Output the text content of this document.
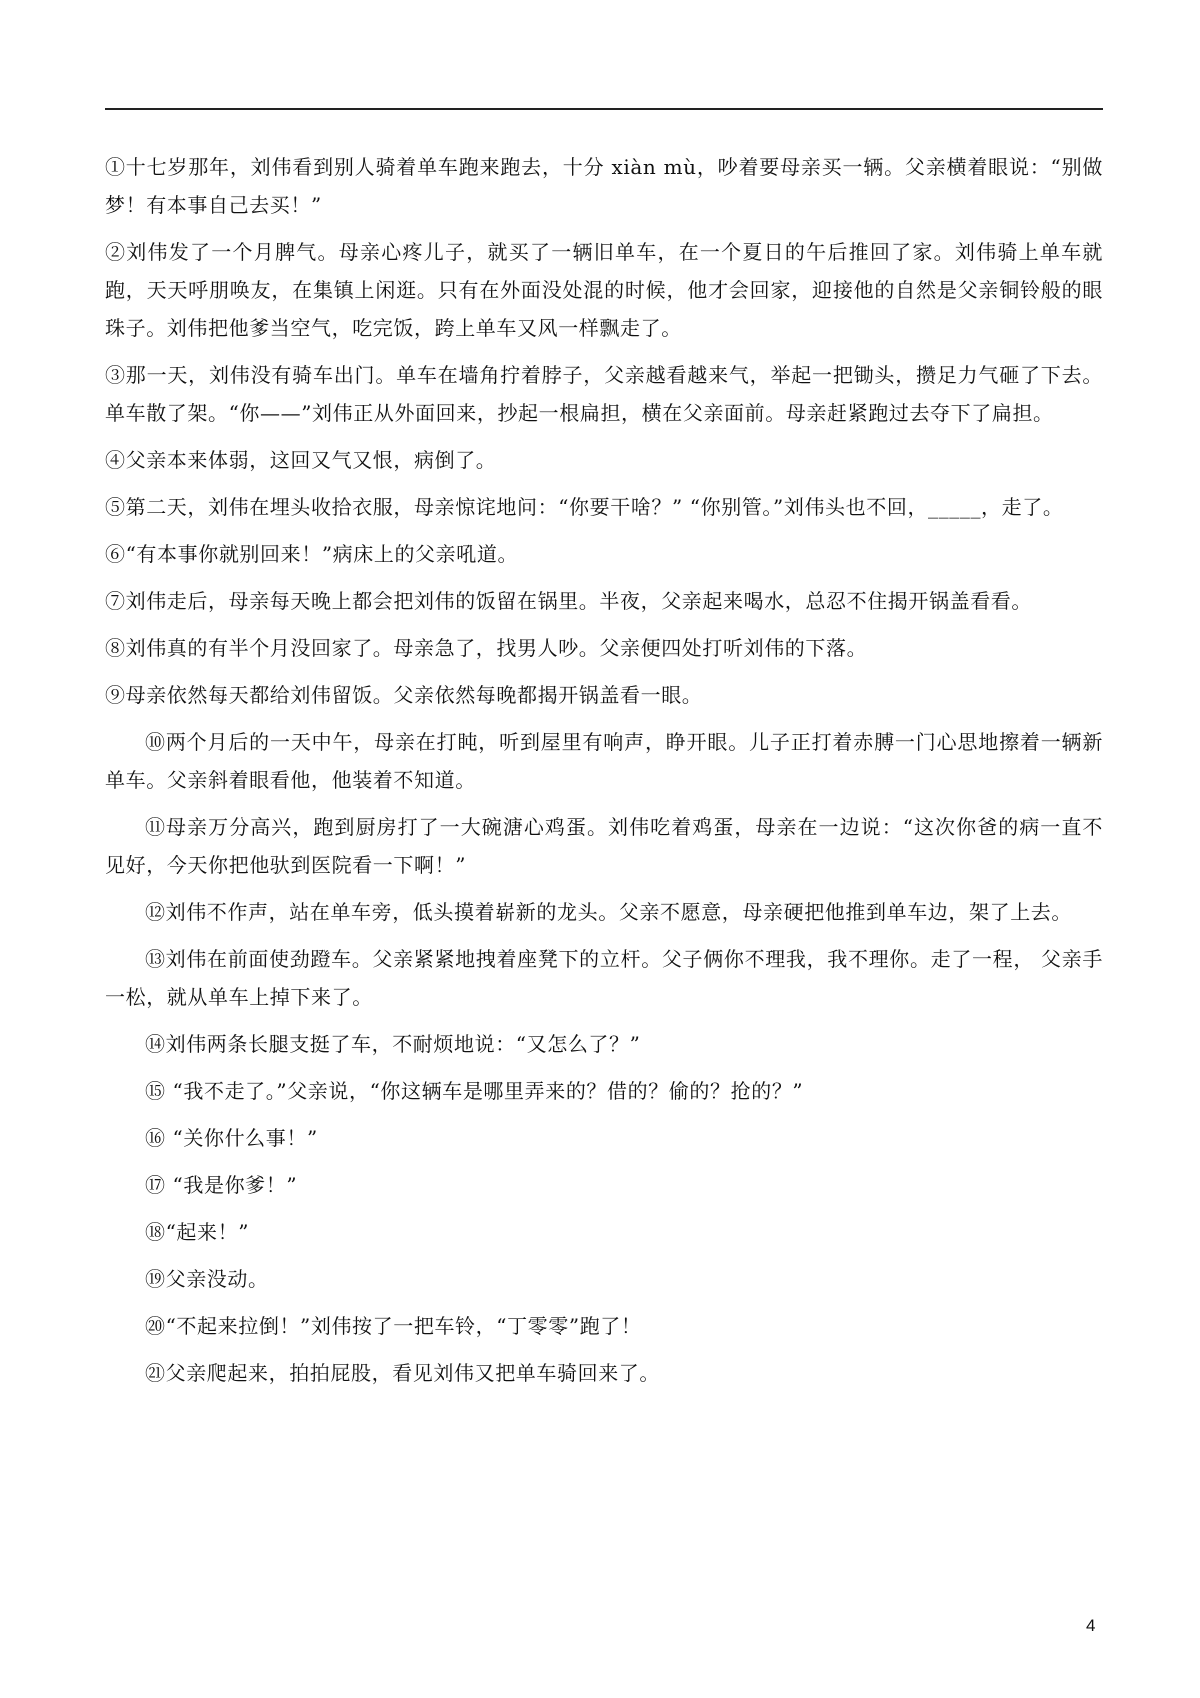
①十七岁那年，刘伟看到别人骑着单车跑来跑去，十分 xiàn mù，吵着要母亲买一辆。父亲横着眼说：“别做梦！有本事自己去买！”

②刘伟发了一个月脾气。母亲心疼儿子，就买了一辆旧单车，在一个夏日的午后推回了家。刘伟骑上单车就跑，天天呼朋唤友，在集镇上闲逛。只有在外面没处混的时候，他才会回家，迎接他的自然是父亲铜铃般的眼珠子。刘伟把他爹当空气，吃完饭，跨上单车又风一样飘走了。

③那一天，刘伟没有骑车出门。单车在墙角拧着脖子，父亲越看越来气，举起一把锄头，攒足力气砸了下去。单车散了架。“你——”刘伟正从外面回来，抄起一根扁担，横在父亲面前。母亲赶紧跑过去夺下了扁担。

④父亲本来体弱，这回又气又恨，病倒了。

⑤第二天，刘伟在埋头收拾衣服，母亲惊诧地问：“你要干啥？” “你别管。”刘伟头也不回，_____，走了。

⑥“有本事你就别回来！”病床上的父亲吼道。

⑦刘伟走后，母亲每天晚上都会把刘伟的饭留在锅里。半夜，父亲起来喝水，总忍不住揭开锅盖看看。

⑧刘伟真的有半个月没回家了。母亲急了，找男人吵。父亲便四处打听刘伟的下落。

⑨母亲依然每天都给刘伟留饭。父亲依然每晚都揭开锅盖看一眼。

⑩两个月后的一天中午，母亲在打盹，听到屋里有响声，睁开眼。儿子正打着赤膊一门心思地擦着一辆新单车。父亲斜着眼看他，他装着不知道。

⑪母亲万分高兴，跑到厨房打了一大碗溏心鸡蛋。刘伟吃着鸡蛋，母亲在一边说：“这次你爸的病一直不见好，今天你把他驮到医院看一下啊！”

⑫刘伟不作声，站在单车旁，低头摸着崭新的龙头。父亲不愿意，母亲硬把他推到单车边，架了上去。

⑬刘伟在前面使劲蹬车。父亲紧紧地拽着座凳下的立杆。父子俩你不理我，我不理你。走了一程， 父亲手一松，就从单车上掉下来了。

⑭刘伟两条长腿支挺了车，不耐烦地说：“又怎么了？”

⑮ “我不走了。”父亲说，“你这辆车是哪里弄来的？借的？偷的？抢的？”

⑯ “关你什么事！”

⑰ “我是你爹！”

⑱“起来！”

⑲父亲没动。

⑳“不起来拉倒！”刘伟按了一把车铃，“丁零零”跑了！

㉑父亲爬起来，拍拍屁股，看见刘伟又把单车骑回来了。

4
